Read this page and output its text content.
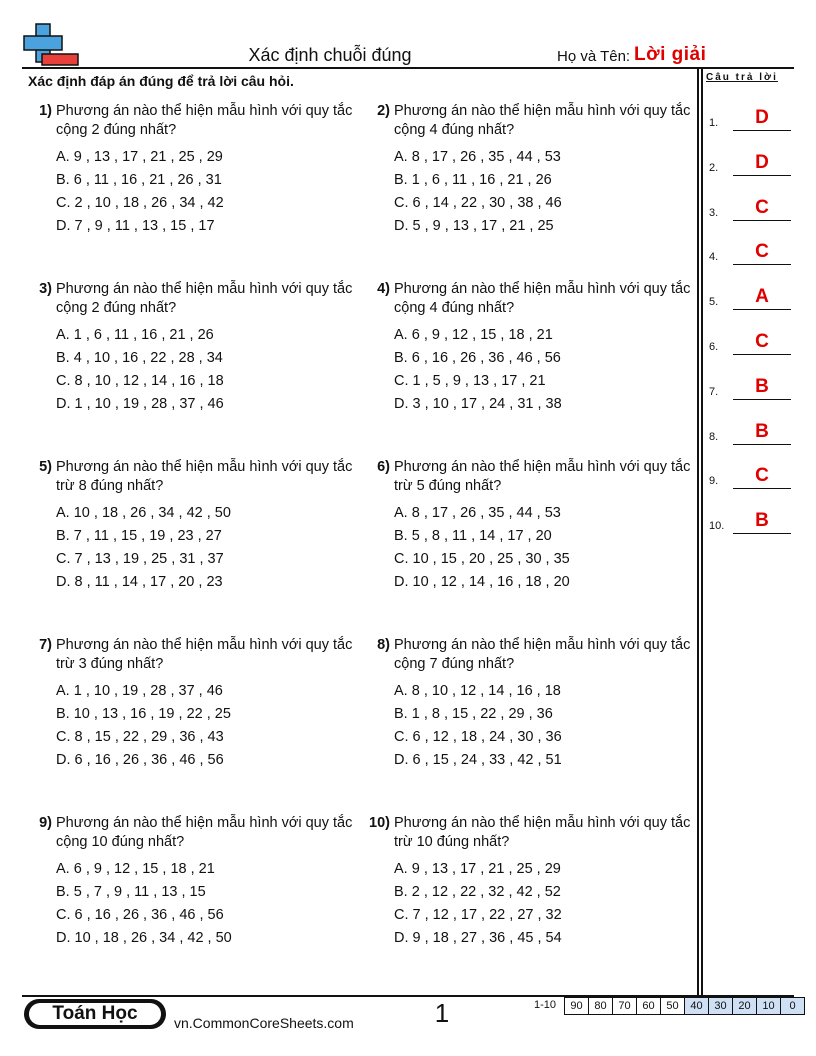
Xác định chuỗi đúng	Họ và Tên: Lời giải
Xác định đáp án đúng để trả lời câu hỏi.	Câu trả lời
1) Phương án nào thể hiện mẫu hình với quy tắc cộng 2 đúng nhất?
A. 9 , 13 , 17 , 21 , 25 , 29
B. 6 , 11 , 16 , 21 , 26 , 31
C. 2 , 10 , 18 , 26 , 34 , 42
D. 7 , 9 , 11 , 13 , 15 , 17
2) Phương án nào thể hiện mẫu hình với quy tắc cộng 4 đúng nhất?
A. 8 , 17 , 26 , 35 , 44 , 53
B. 1 , 6 , 11 , 16 , 21 , 26
C. 6 , 14 , 22 , 30 , 38 , 46
D. 5 , 9 , 13 , 17 , 21 , 25
3) Phương án nào thể hiện mẫu hình với quy tắc cộng 2 đúng nhất?
A. 1 , 6 , 11 , 16 , 21 , 26
B. 4 , 10 , 16 , 22 , 28 , 34
C. 8 , 10 , 12 , 14 , 16 , 18
D. 1 , 10 , 19 , 28 , 37 , 46
4) Phương án nào thể hiện mẫu hình với quy tắc cộng 4 đúng nhất?
A. 6 , 9 , 12 , 15 , 18 , 21
B. 6 , 16 , 26 , 36 , 46 , 56
C. 1 , 5 , 9 , 13 , 17 , 21
D. 3 , 10 , 17 , 24 , 31 , 38
5) Phương án nào thể hiện mẫu hình với quy tắc trừ 8 đúng nhất?
A. 10 , 18 , 26 , 34 , 42 , 50
B. 7 , 11 , 15 , 19 , 23 , 27
C. 7 , 13 , 19 , 25 , 31 , 37
D. 8 , 11 , 14 , 17 , 20 , 23
6) Phương án nào thể hiện mẫu hình với quy tắc trừ 5 đúng nhất?
A. 8 , 17 , 26 , 35 , 44 , 53
B. 5 , 8 , 11 , 14 , 17 , 20
C. 10 , 15 , 20 , 25 , 30 , 35
D. 10 , 12 , 14 , 16 , 18 , 20
7) Phương án nào thể hiện mẫu hình với quy tắc trừ 3 đúng nhất?
A. 1 , 10 , 19 , 28 , 37 , 46
B. 10 , 13 , 16 , 19 , 22 , 25
C. 8 , 15 , 22 , 29 , 36 , 43
D. 6 , 16 , 26 , 36 , 46 , 56
8) Phương án nào thể hiện mẫu hình với quy tắc cộng 7 đúng nhất?
A. 8 , 10 , 12 , 14 , 16 , 18
B. 1 , 8 , 15 , 22 , 29 , 36
C. 6 , 12 , 18 , 24 , 30 , 36
D. 6 , 15 , 24 , 33 , 42 , 51
9) Phương án nào thể hiện mẫu hình với quy tắc cộng 10 đúng nhất?
A. 6 , 9 , 12 , 15 , 18 , 21
B. 5 , 7 , 9 , 11 , 13 , 15
C. 6 , 16 , 26 , 36 , 46 , 56
D. 10 , 18 , 26 , 34 , 42 , 50
10) Phương án nào thể hiện mẫu hình với quy tắc trừ 10 đúng nhất?
A. 9 , 13 , 17 , 21 , 25 , 29
B. 2 , 12 , 22 , 32 , 42 , 52
C. 7 , 12 , 17 , 22 , 27 , 32
D. 9 , 18 , 27 , 36 , 45 , 54
1.	D
2.	D
3.	C
4.	C
5.	A
6.	C
7.	B
8.	B
9.	C
10.	B
Toán Học	vn.CommonCoreSheets.com	1	1-10	90	80	70	60	50	40	30	20	10	0
